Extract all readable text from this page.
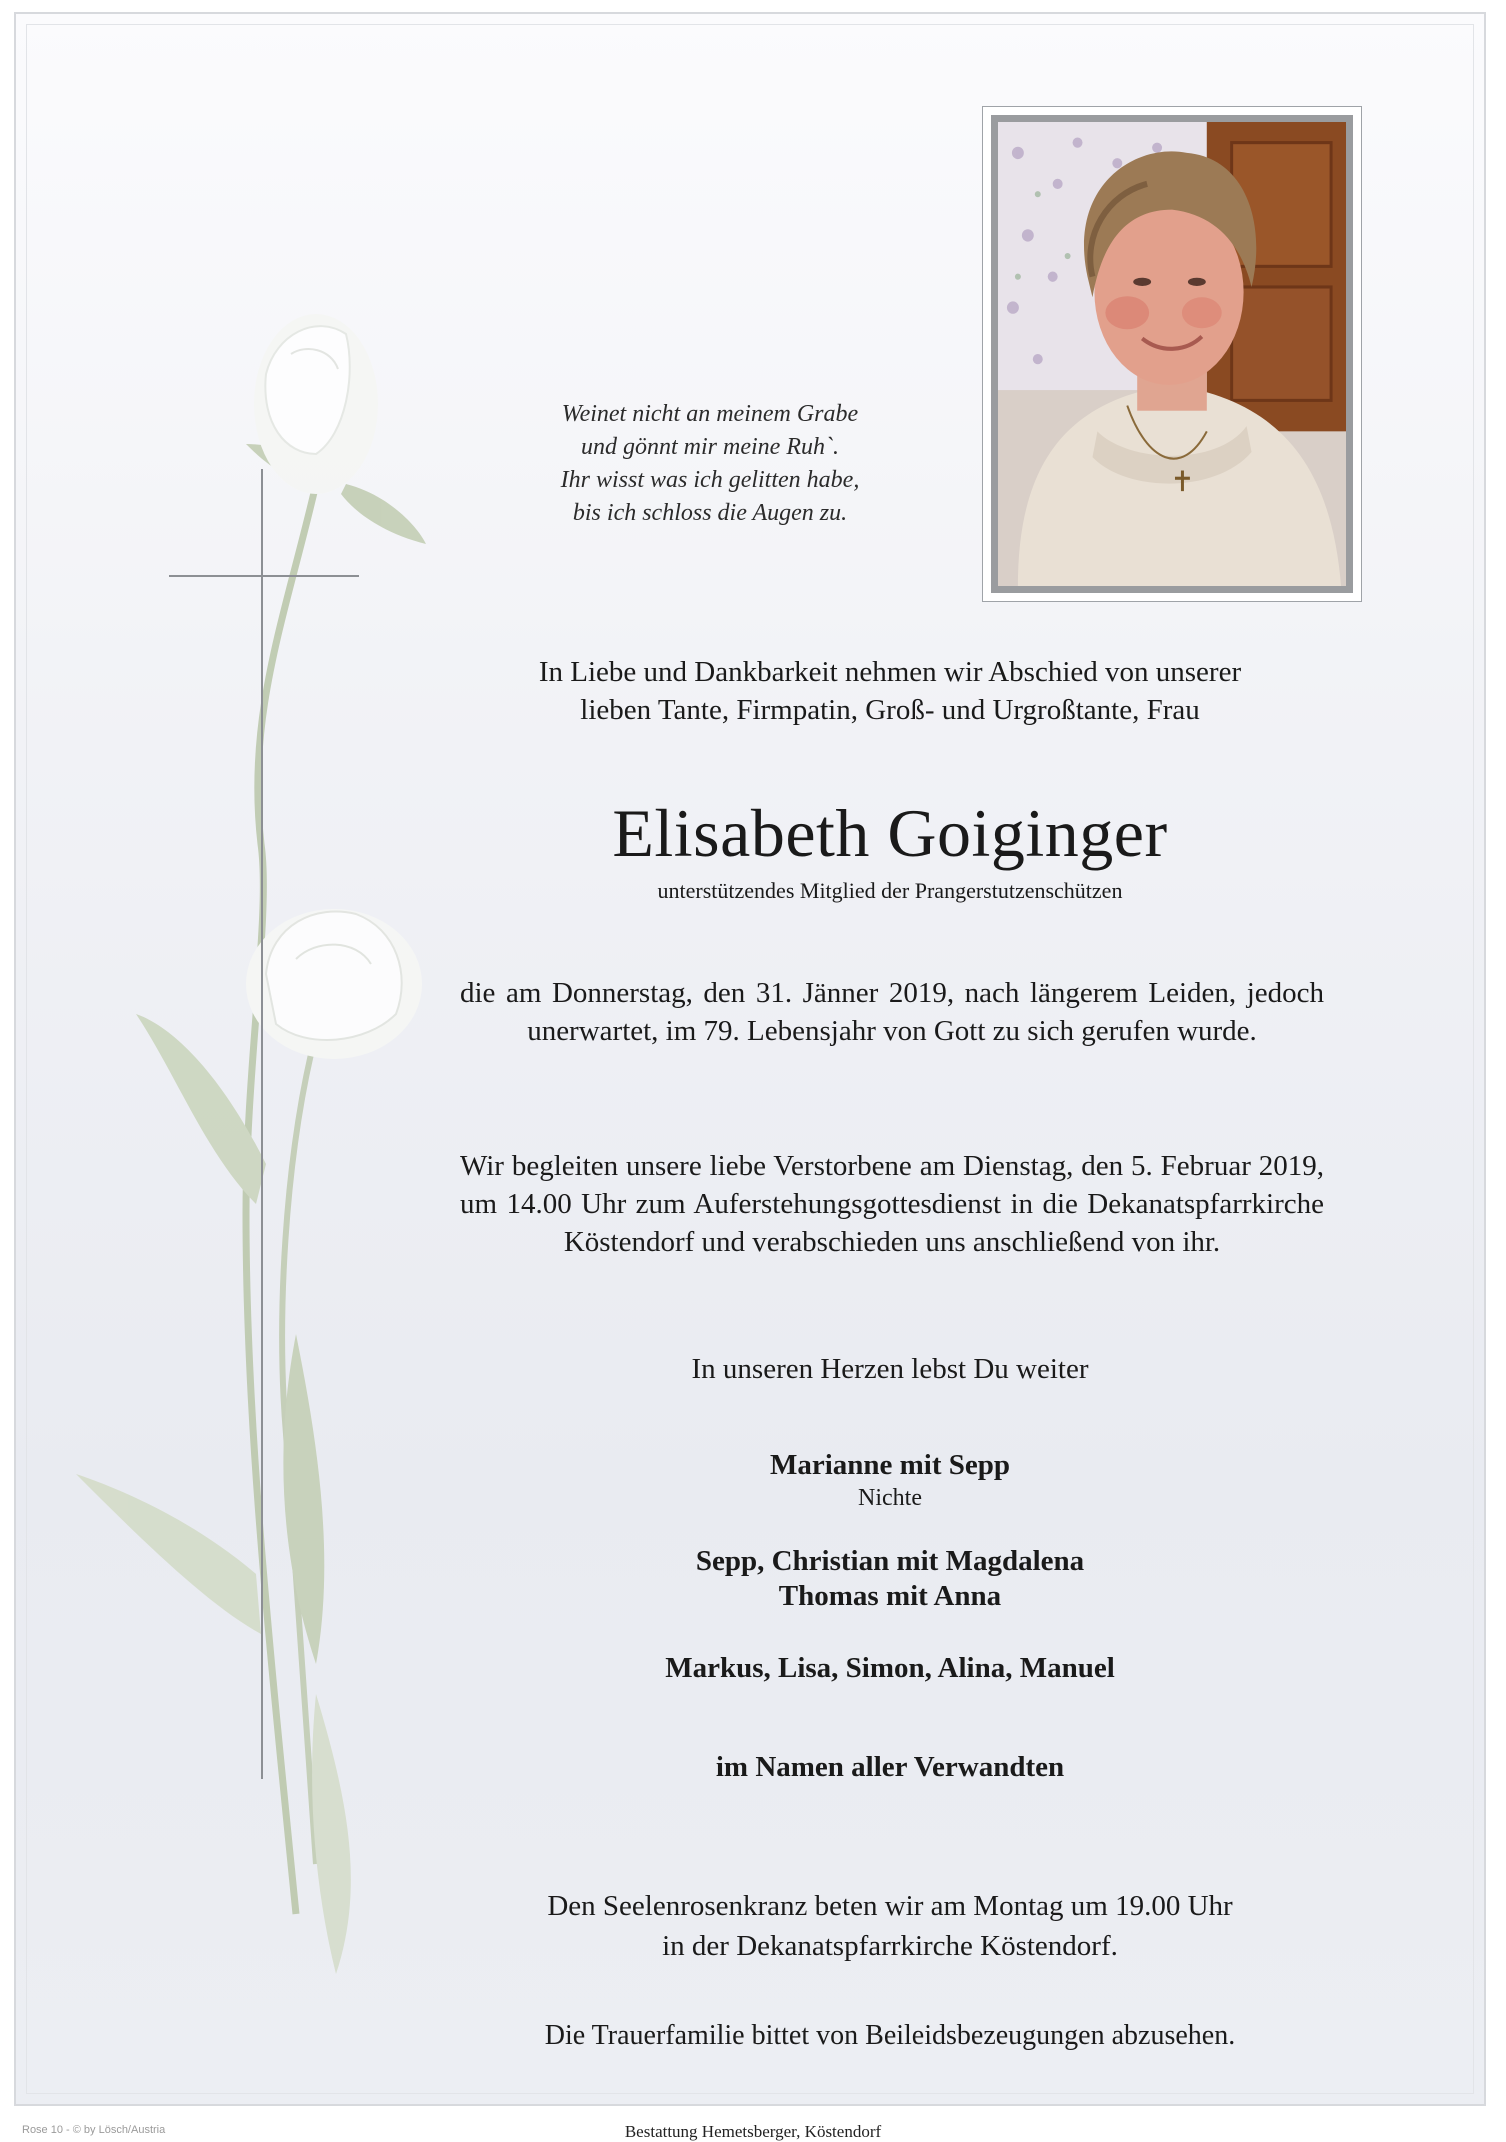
Weinet nicht an meinem Grabe
und gönnt mir meine Ruh`.
Ihr wisst was ich gelitten habe,
bis ich schloss die Augen zu.
In Liebe und Dankbarkeit nehmen wir Abschied von unserer
lieben Tante, Firmpatin, Groß- und Urgroßtante, Frau
Elisabeth Goiginger
unterstützendes Mitglied der Prangerstutzenschützen
die am Donnerstag, den 31. Jänner 2019, nach längerem Leiden, jedoch unerwartet, im 79. Lebensjahr von Gott zu sich gerufen wurde.
Wir begleiten unsere liebe Verstorbene am Dienstag, den 5. Februar 2019, um 14.00 Uhr zum Auferstehungsgottesdienst in die Dekanatspfarrkirche Köstendorf und verabschieden uns anschließend von ihr.
In unseren Herzen lebst Du weiter
Marianne mit Sepp
Nichte
Sepp, Christian mit Magdalena
Thomas mit Anna
Markus, Lisa, Simon, Alina, Manuel
im Namen aller Verwandten
Den Seelenrosenkranz beten wir am Montag um 19.00 Uhr
in der Dekanatspfarrkirche Köstendorf.
Die Trauerfamilie bittet von Beileidsbezeugungen abzusehen.
Rose 10 - © by Lösch/Austria	Bestattung Hemetsberger, Köstendorf
